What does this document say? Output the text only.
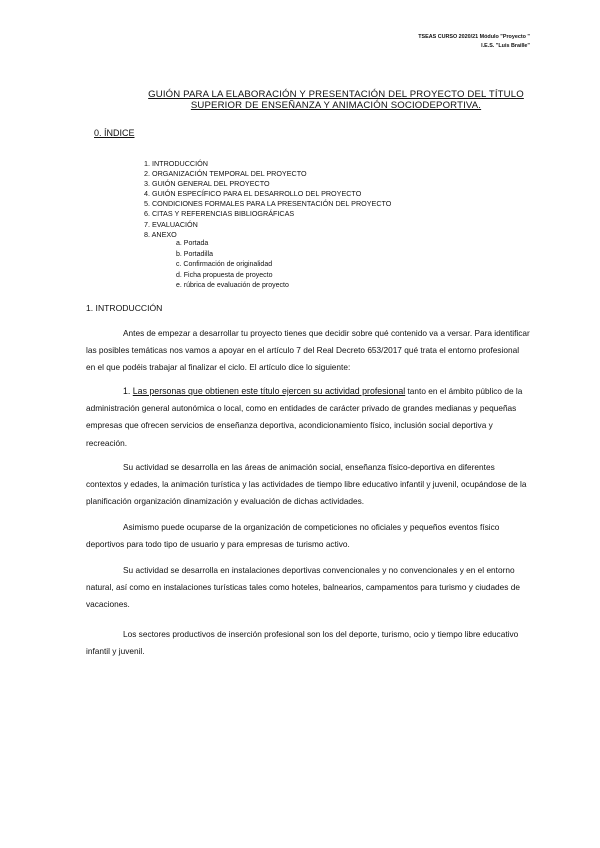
TSEAS CURSO 2020/21 Módulo "Proyecto "
I.E.S. "Luis Braille"
GUIÓN PARA LA ELABORACIÓN Y PRESENTACIÓN DEL PROYECTO DEL TÍTULO
SUPERIOR DE ENSEÑANZA Y ANIMACIÓN SOCIODEPORTIVA.
0. ÍNDICE
1. INTRODUCCIÓN
2. ORGANIZACIÓN TEMPORAL DEL PROYECTO
3. GUIÓN GENERAL DEL PROYECTO
4. GUIÓN ESPECÍFICO PARA EL DESARROLLO DEL PROYECTO
5. CONDICIONES FORMALES PARA LA PRESENTACIÓN DEL PROYECTO
6. CITAS Y REFERENCIAS BIBLIOGRÁFICAS
7. EVALUACIÓN
8. ANEXO
a. Portada
b. Portadilla
c. Confirmación de originalidad
d. Ficha propuesta de proyecto
e. rúbrica de evaluación de proyecto
1. INTRODUCCIÓN

Antes de empezar a desarrollar tu proyecto tienes que decidir sobre qué contenido va a versar. Para identificar las posibles temáticas nos vamos a apoyar en el artículo 7 del Real Decreto 653/2017 qué trata el entorno profesional en el que podéis trabajar al finalizar el ciclo. El artículo dice lo siguiente:

1. Las personas que obtienen este título ejercen su actividad profesional tanto en el ámbito público de la administración general autonómica o local, como en entidades de carácter privado de grandes medianas y pequeñas empresas que ofrecen servicios de enseñanza deportiva, acondicionamiento físico, inclusión social deportiva y recreación.

Su actividad se desarrolla en las áreas de animación social, enseñanza físico-deportiva en diferentes contextos y edades, la animación turística y las actividades de tiempo libre educativo infantil y juvenil, ocupándose de la planificación organización dinamización y evaluación de dichas actividades.

Asimismo puede ocuparse de la organización de competiciones no oficiales y pequeños eventos físico deportivos para todo tipo de usuario y para empresas de turismo activo.

Su actividad se desarrolla en instalaciones deportivas convencionales y no convencionales y en el entorno natural, así como en instalaciones turísticas tales como hoteles, balnearios, campamentos para turismo y ciudades de vacaciones.

Los sectores productivos de inserción profesional son los del deporte, turismo, ocio y tiempo libre educativo infantil y juvenil.
